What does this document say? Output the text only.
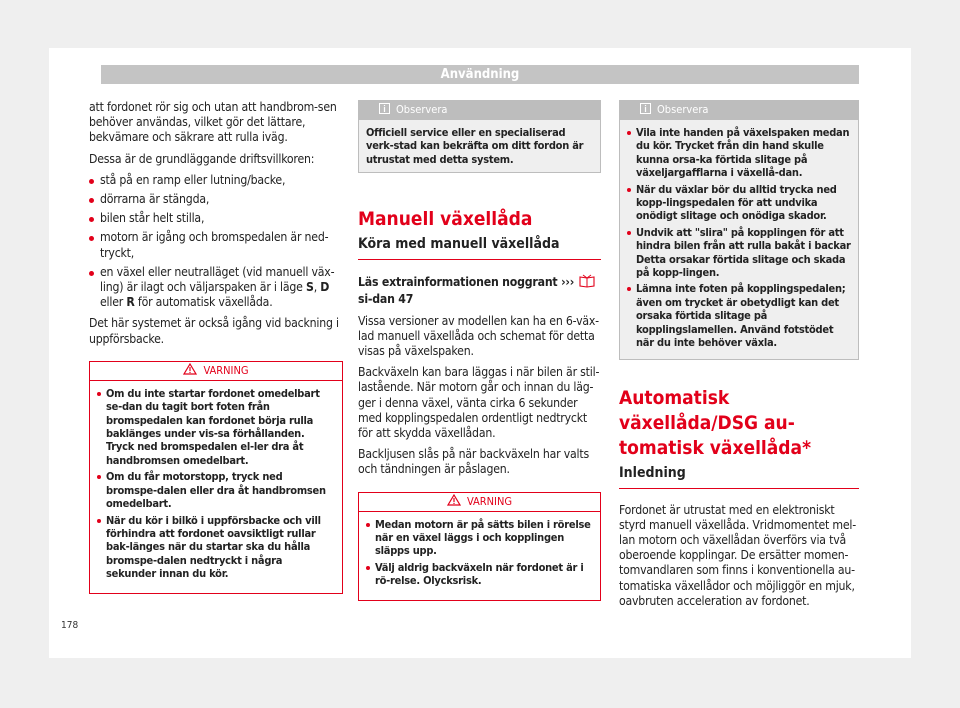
Användning

att fordonet rör sig och utan att handbrom-sen behöver användas, vilket gör det lättare, bekvämare och säkrare att rulla iväg.

Dessa är de grundläggande driftsvillkoren:

stå på en ramp eller lutning/backe,
dörrarna är stängda,
bilen står helt stilla,
motorn är igång och bromspedalen är ned-tryckt,
en växel eller neutralläget (vid manuell väx-ling) är ilagt och väljarspaken är i läge S, D eller R för automatisk växellåda.

Det här systemet är också igång vid backning i uppförsbacke.

VARNING
Om du inte startar fordonet omedelbart se-dan du tagit bort foten från bromspedalen kan fordonet börja rulla baklänges under vis-sa förhållanden. Tryck ned bromspedalen el-ler dra åt handbromsen omedelbart.
Om du får motorstopp, tryck ned bromspe-dalen eller dra åt handbromsen omedelbart.
När du kör i bilkö i uppförsbacke och vill förhindra att fordonet oavsiktligt rullar bak-länges när du startar ska du hålla bromspe-dalen nedtryckt i några sekunder innan du kör.
Observera

Officiell service eller en specialiserad verk-stad kan bekräfta om ditt fordon är utrustat med detta system.

Manuell växellåda
Köra med manuell växellåda

Läs extrainformationen noggrant ›››  si-dan 47

Vissa versioner av modellen kan ha en 6-väx-lad manuell växellåda och schemat för detta visas på växelspaken.

Backväxeln kan bara läggas i när bilen är stil-lastående. När motorn går och innan du läg-ger i denna växel, vänta cirka 6 sekunder med kopplingspedalen ordentligt nedtryckt för att skydda växellådan.

Backljusen slås på när backväxeln har valts och tändningen är påslagen.

VARNING
Medan motorn är på sätts bilen i rörelse när en växel läggs i och kopplingen släpps upp.
Välj aldrig backväxeln när fordonet är i rö-relse. Olycksrisk.
Observera
Vila inte handen på växelspaken medan du kör. Trycket från din hand skulle kunna orsa-ka förtida slitage på växeljargafflarna i växellå-dan.
När du växlar bör du alltid trycka ned kopp-lingspedalen för att undvika onödigt slitage och onödiga skador.
Undvik att "slira" på kopplingen för att hindra bilen från att rulla bakåt i backar Detta orsakar förtida slitage och skada på kopp-lingen.
Lämna inte foten på kopplingspedalen; även om trycket är obetydligt kan det orsaka förtida slitage på kopplingslamellen. Använd fotstödet när du inte behöver växla.
Automatisk växellåda/DSG au-tomatisk växellåda*
Inledning

Fordonet är utrustat med en elektroniskt styrd manuell växellåda. Vridmomentet mel-lan motorn och växellådan överförs via två oberoende kopplingar. De ersätter momen-tomvandlaren som finns i konventionella au-tomatiska växellådor och möjliggör en mjuk, oavbruten acceleration av fordonet.

178
